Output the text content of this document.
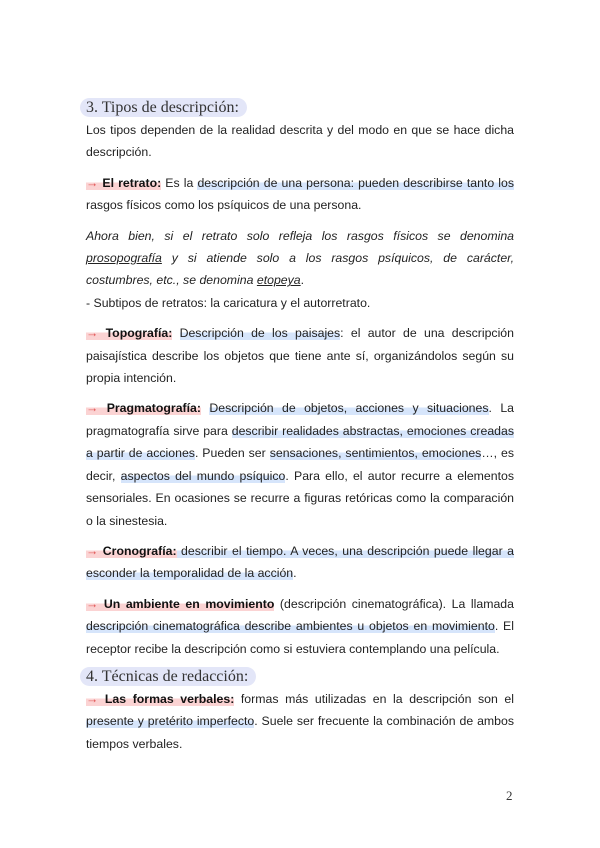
3. Tipos de descripción:

Los tipos dependen de la realidad descrita y del modo en que se hace dicha descripción.

→ El retrato: Es la descripción de una persona: pueden describirse tanto los rasgos físicos como los psíquicos de una persona.

Ahora bien, si el retrato solo refleja los rasgos físicos se denomina prosopografía y si atiende solo a los rasgos psíquicos, de carácter, costumbres, etc., se denomina etopeya.

- Subtipos de retratos: la caricatura y el autorretrato.

→ Topografía: Descripción de los paisajes: el autor de una descripción paisajística describe los objetos que tiene ante sí, organizándolos según su propia intención.

→ Pragmatografía: Descripción de objetos, acciones y situaciones. La pragmatografía sirve para describir realidades abstractas, emociones creadas a partir de acciones. Pueden ser sensaciones, sentimientos, emociones…, es decir, aspectos del mundo psíquico. Para ello, el autor recurre a elementos sensoriales. En ocasiones se recurre a figuras retóricas como la comparación o la sinestesia.

→ Cronografía: describir el tiempo. A veces, una descripción puede llegar a esconder la temporalidad de la acción.

→ Un ambiente en movimiento (descripción cinematográfica). La llamada descripción cinematográfica describe ambientes u objetos en movimiento. El receptor recibe la descripción como si estuviera contemplando una película.

4. Técnicas de redacción:

→ Las formas verbales: formas más utilizadas en la descripción son el presente y pretérito imperfecto. Suele ser frecuente la combinación de ambos tiempos verbales.

2
